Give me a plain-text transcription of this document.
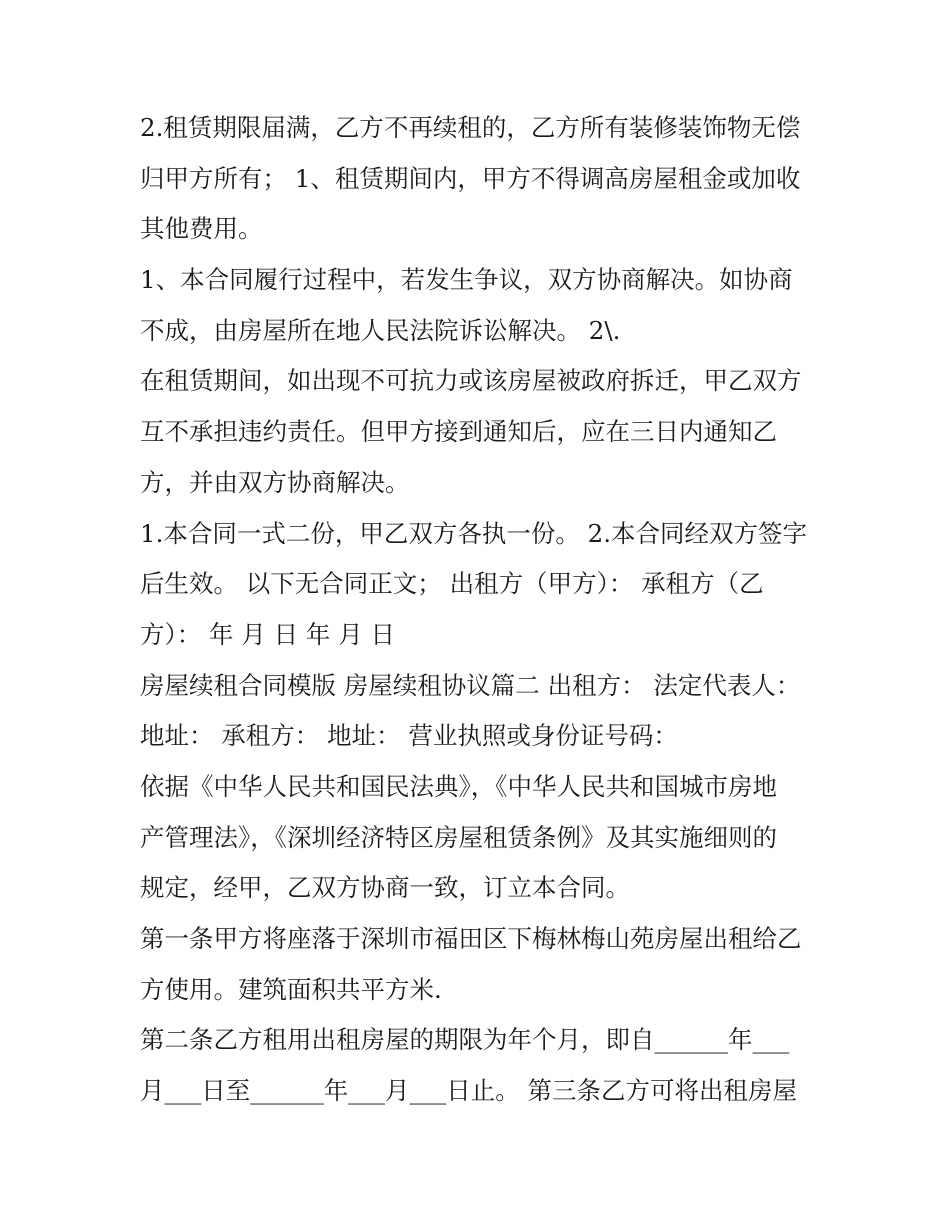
2.租赁期限届满，乙方不再续租的，乙方所有装修装饰物无偿
归甲方所有； 1、租赁期间内，甲方不得调高房屋租金或加收
其他费用。
1、本合同履行过程中，若发生争议，双方协商解决。如协商
不成，由房屋所在地人民法院诉讼解决。 2\.
在租赁期间，如出现不可抗力或该房屋被政府拆迁，甲乙双方
互不承担违约责任。但甲方接到通知后，应在三日内通知乙
方，并由双方协商解决。
1.本合同一式二份，甲乙双方各执一份。 2.本合同经双方签字
后生效。 以下无合同正文； 出租方（甲方）： 承租方（乙
方）： 年 月 日 年 月 日
房屋续租合同模版 房屋续租协议篇二 出租方： 法定代表人：
地址： 承租方： 地址： 营业执照或身份证号码：
依据《中华人民共和国民法典》，《中华人民共和国城市房地
产管理法》，《深圳经济特区房屋租赁条例》及其实施细则的
规定，经甲，乙双方协商一致，订立本合同。
第一条甲方将座落于深圳市福田区下梅林梅山苑房屋出租给乙
方使用。建筑面积共平方米.
第二条乙方租用出租房屋的期限为年个月，即自______年___
月___日至______年___月___日止。 第三条乙方可将出租房屋
